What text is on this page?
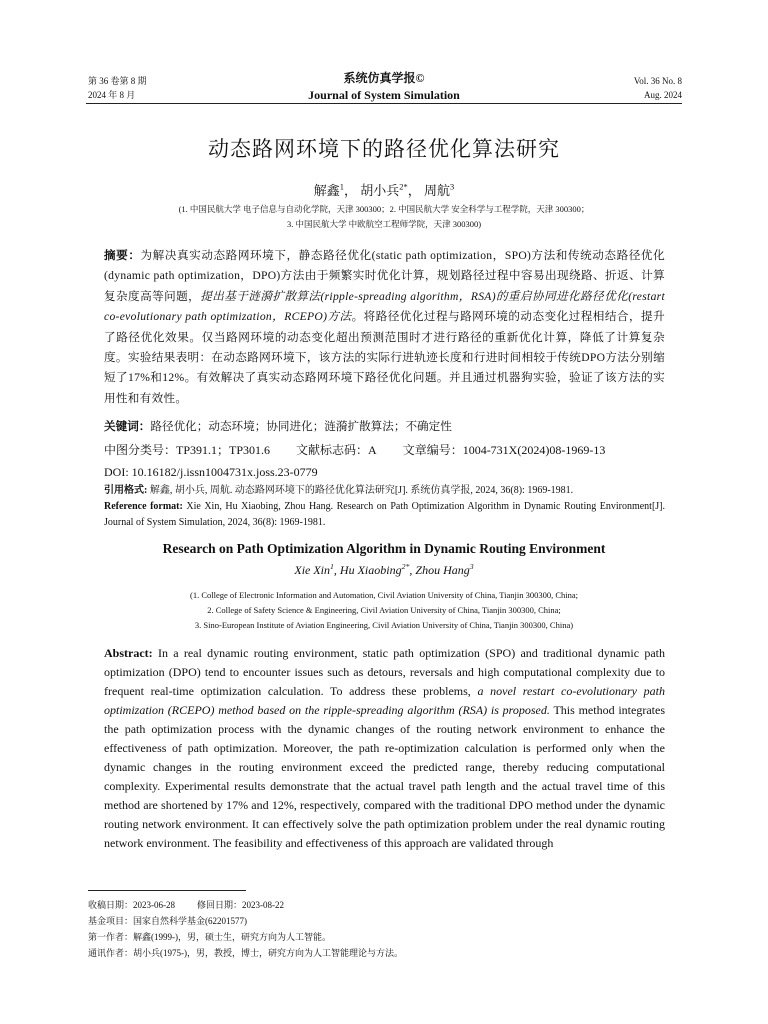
第 36 卷第 8 期
2024 年 8 月
系统仿真学报©
Journal of System Simulation
Vol. 36 No. 8
Aug. 2024
动态路网环境下的路径优化算法研究
解鑫$^1$， 胡小兵$^{2*}$， 周航$^3$
(1. 中国民航大学 电子信息与自动化学院，天津 300300；2. 中国民航大学 安全科学与工程学院，天津 300300；
3. 中国民航大学 中欧航空工程师学院，天津 300300)
摘要：为解决真实动态路网环境下，静态路径优化(static path optimization，SPO)方法和传统动态路径优化(dynamic path optimization，DPO)方法由于频繁实时优化计算，规划路径过程中容易出现绕路、折返、计算复杂度高等问题，提出基于涟漪扩散算法(ripple-spreading algorithm，RSA)的重启协同进化路径优化(restart co-evolutionary path optimization，RCEPO)方法。将路径优化过程与路网环境的动态变化过程相结合，提升了路径优化效果。仅当路网环境的动态变化超出预测范围时才进行路径的重新优化计算，降低了计算复杂度。实验结果表明：在动态路网环境下，该方法的实际行进轨迹长度和行进时间相较于传统DPO方法分别缩短了17%和12%。有效解决了真实动态路网环境下路径优化问题。并且通过机器狗实验，验证了该方法的实用性和有效性。
关键词：路径优化；动态环境；协同进化；涟漪扩散算法；不确定性
中图分类号：TP391.1；TP301.6 文献标志码：A 文章编号：1004-731X(2024)08-1969-13
DOI: 10.16182/j.issn1004731x.joss.23-0779
引用格式: 解鑫, 胡小兵, 周航. 动态路网环境下的路径优化算法研究[J]. 系统仿真学报, 2024, 36(8): 1969-1981.
Reference format: Xie Xin, Hu Xiaobing, Zhou Hang. Research on Path Optimization Algorithm in Dynamic Routing Environment[J]. Journal of System Simulation, 2024, 36(8): 1969-1981.
Research on Path Optimization Algorithm in Dynamic Routing Environment
Xie Xin$^1$, Hu Xiaobing$^{2*}$, Zhou Hang$^3$
(1. College of Electronic Information and Automation, Civil Aviation University of China, Tianjin 300300, China;
2. College of Safety Science & Engineering, Civil Aviation University of China, Tianjin 300300, China;
3. Sino-European Institute of Aviation Engineering, Civil Aviation University of China, Tianjin 300300, China)
Abstract: In a real dynamic routing environment, static path optimization (SPO) and traditional dynamic path optimization (DPO) tend to encounter issues such as detours, reversals and high computational complexity due to frequent real-time optimization calculation. To address these problems, a novel restart co-evolutionary path optimization (RCEPO) method based on the ripple-spreading algorithm (RSA) is proposed. This method integrates the path optimization process with the dynamic changes of the routing network environment to enhance the effectiveness of path optimization. Moreover, the path re-optimization calculation is performed only when the dynamic changes in the routing environment exceed the predicted range, thereby reducing computational complexity. Experimental results demonstrate that the actual travel path length and the actual travel time of this method are shortened by 17% and 12%, respectively, compared with the traditional DPO method under the dynamic routing network environment. It can effectively solve the path optimization problem under the real dynamic routing network environment. The feasibility and effectiveness of this approach are validated through
收稿日期：2023-06-28 修回日期：2023-08-22
基金项目：国家自然科学基金(62201577)
第一作者：解鑫(1999-)，男，硕士生，研究方向为人工智能。
通讯作者：胡小兵(1975-)，男，教授，博士，研究方向为人工智能理论与方法。
